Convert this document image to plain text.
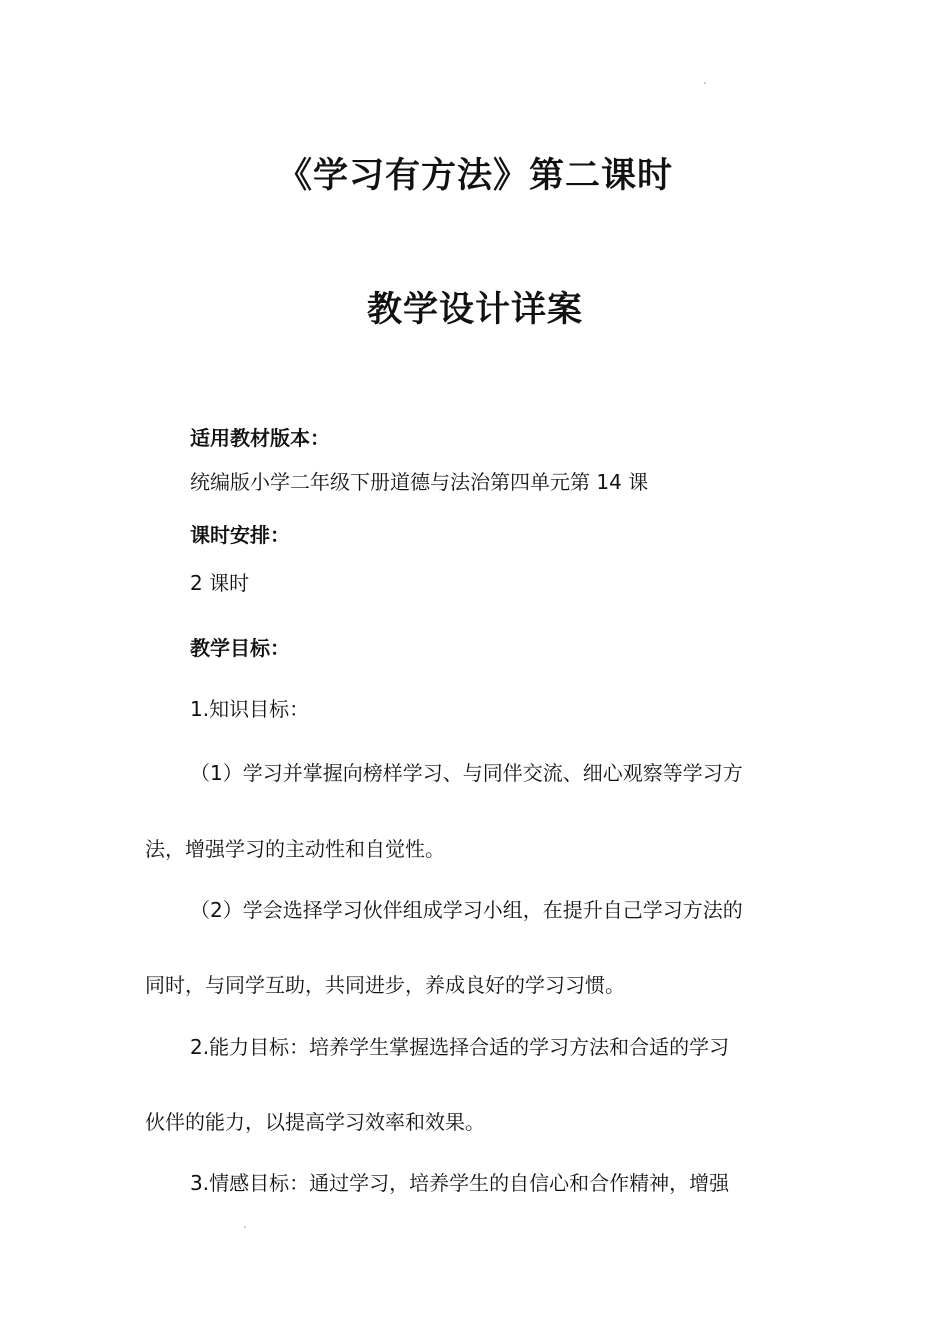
《学习有方法》第二课时
教学设计详案
适用教材版本：
统编版小学二年级下册道德与法治第四单元第 14 课
课时安排：
2 课时
教学目标：
1.知识目标：
（1）学习并掌握向榜样学习、与同伴交流、细心观察等学习方
法，增强学习的主动性和自觉性。
（2）学会选择学习伙伴组成学习小组，在提升自己学习方法的
同时，与同学互助，共同进步，养成良好的学习习惯。
2.能力目标：培养学生掌握选择合适的学习方法和合适的学习
伙伴的能力，以提高学习效率和效果。
3.情感目标：通过学习，培养学生的自信心和合作精神，增强
